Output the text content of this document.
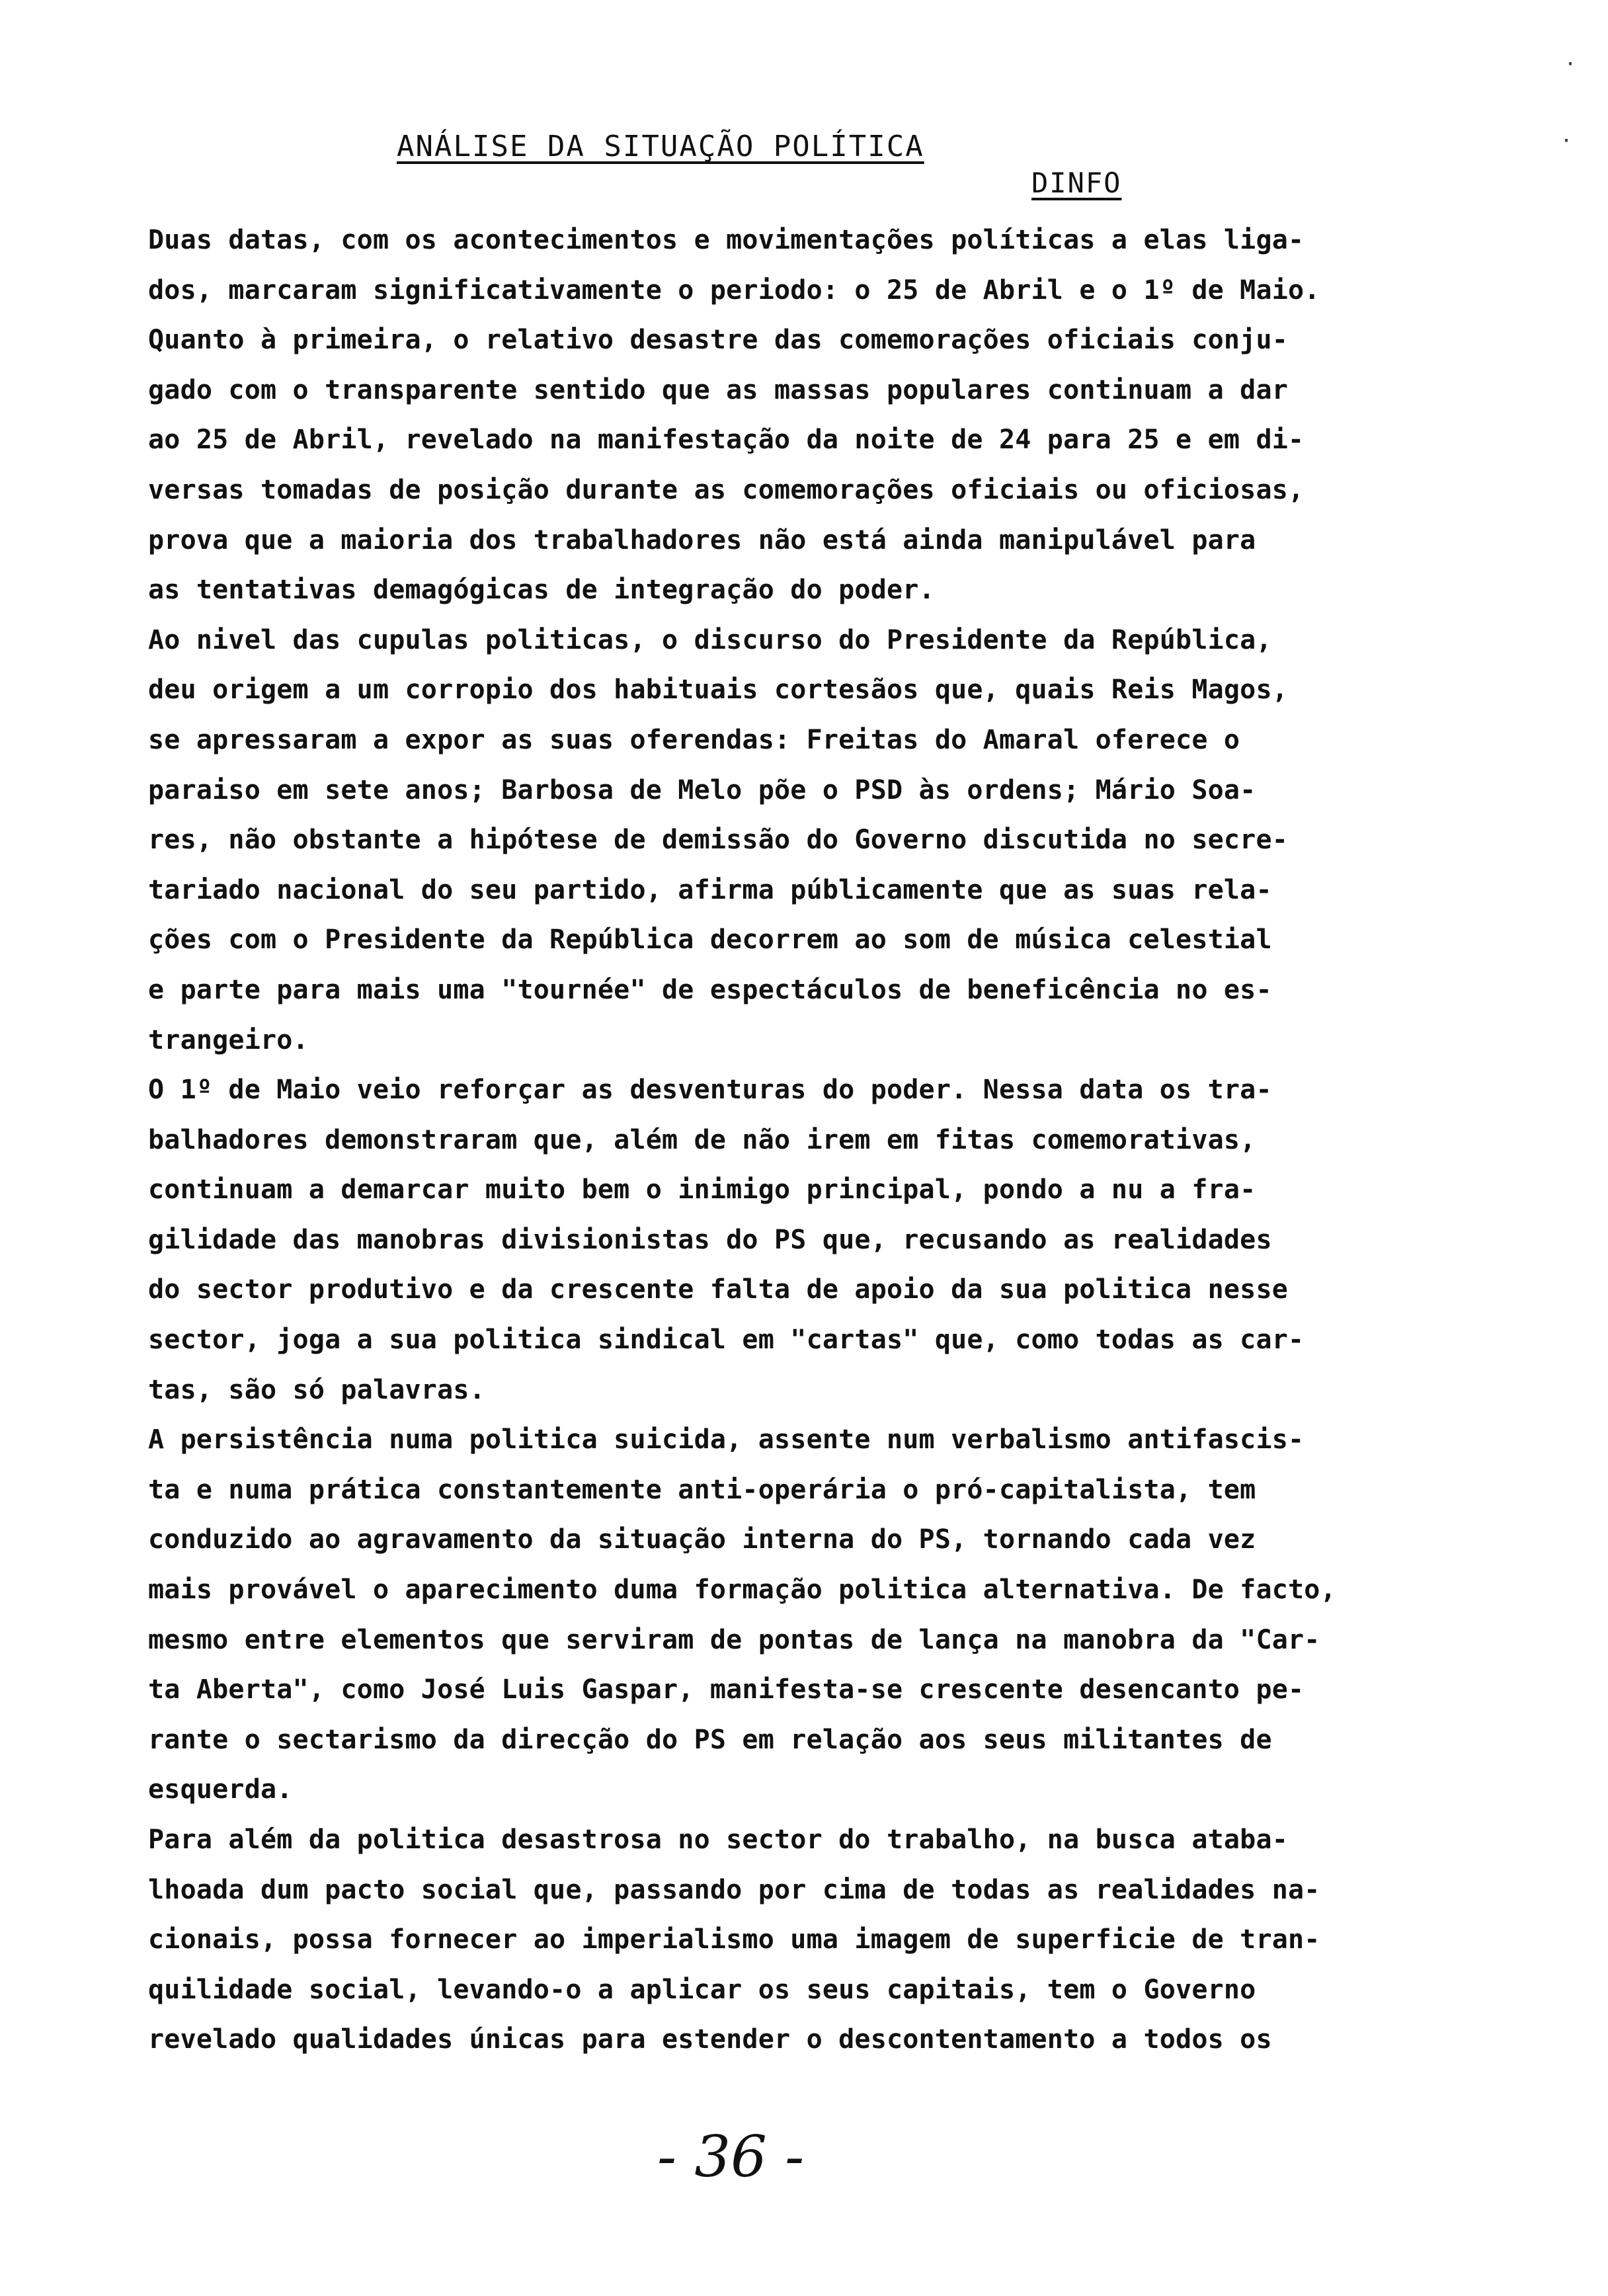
·
·
ANÁLISE DA SITUAÇÃO POLÍTICA
DINFO
Duas datas, com os acontecimentos e movimentações políticas a elas liga-
dos, marcaram significativamente o periodo: o 25 de Abril e o 1º de Maio.
Quanto à primeira, o relativo desastre das comemorações oficiais conju-
gado com o transparente sentido que as massas populares continuam a dar
ao 25 de Abril, revelado na manifestação da noite de 24 para 25 e em di-
versas tomadas de posição durante as comemorações oficiais ou oficiosas,
prova que a maioria dos trabalhadores não está ainda manipulável para
as tentativas demagógicas de integração do poder.
Ao nivel das cupulas politicas, o discurso do Presidente da República,
deu origem a um corropio dos habituais cortesãos que, quais Reis Magos,
se apressaram a expor as suas oferendas: Freitas do Amaral oferece o
paraiso em sete anos; Barbosa de Melo põe o PSD às ordens; Mário Soa-
res, não obstante a hipótese de demissão do Governo discutida no secre-
tariado nacional do seu partido, afirma públicamente que as suas rela-
ções com o Presidente da República decorrem ao som de música celestial
e parte para mais uma "tournée" de espectáculos de beneficência no es-
trangeiro.
O 1º de Maio veio reforçar as desventuras do poder. Nessa data os tra-
balhadores demonstraram que, além de não irem em fitas comemorativas,
continuam a demarcar muito bem o inimigo principal, pondo a nu a fra-
gilidade das manobras divisionistas do PS que, recusando as realidades
do sector produtivo e da crescente falta de apoio da sua politica nesse
sector, joga a sua politica sindical em "cartas" que, como todas as car-
tas, são só palavras.
A persistência numa politica suicida, assente num verbalismo antifascis-
ta e numa prática constantemente anti-operária o pró-capitalista, tem
conduzido ao agravamento da situação interna do PS, tornando cada vez
mais provável o aparecimento duma formação politica alternativa. De facto,
mesmo entre elementos que serviram de pontas de lança na manobra da "Car-
ta Aberta", como José Luis Gaspar, manifesta-se crescente desencanto pe-
rante o sectarismo da direcção do PS em relação aos seus militantes de
esquerda.
Para além da politica desastrosa no sector do trabalho, na busca ataba-
lhoada dum pacto social que, passando por cima de todas as realidades na-
cionais, possa fornecer ao imperialismo uma imagem de superficie de tran-
quilidade social, levando-o a aplicar os seus capitais, tem o Governo
revelado qualidades únicas para estender o descontentamento a todos os
- 36 -
